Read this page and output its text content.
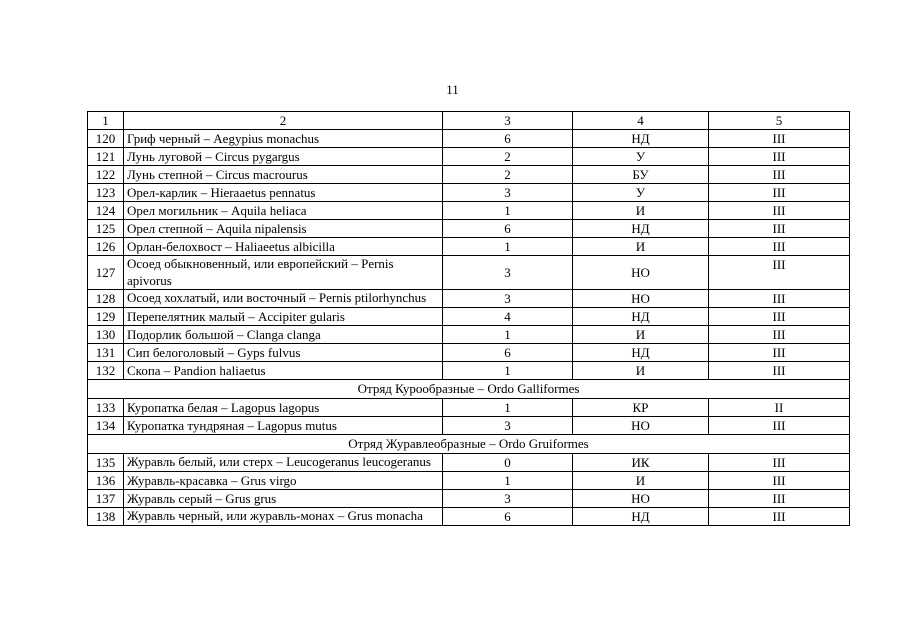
11
1	2	3	4	5
120	Гриф черный – Aegypius monachus	6	НД	III
121	Лунь луговой – Circus pygargus	2	У	III
122	Лунь степной – Circus macrourus	2	БУ	III
123	Орел-карлик – Hieraaetus pennatus	3	У	III
124	Орел могильник – Aquila heliaca	1	И	III
125	Орел степной – Aquila nipalensis	6	НД	III
126	Орлан-белохвост – Haliaeetus albicilla	1	И	III
127	Осоед обыкновенный, или европейский – Pernis apivorus	3	НО	III
128	Осоед хохлатый, или восточный – Pernis ptilorhynchus	3	НО	III
129	Перепелятник малый – Accipiter gularis	4	НД	III
130	Подорлик большой – Clanga clanga	1	И	III
131	Сип белоголовый – Gyps fulvus	6	НД	III
132	Скопа – Pandion haliaetus	1	И	III
Отряд Курообразные – Ordo Galliformes				
133	Куропатка белая – Lagopus lagopus	1	КР	II
134	Куропатка тундряная – Lagopus mutus	3	НО	III
Отряд Журавлеобразные – Ordo Gruiformes				
135	Журавль белый, или стерх – Leucogeranus leucogeranus	0	ИК	III
136	Журавль-красавка – Grus virgo	1	И	III
137	Журавль серый – Grus grus	3	НО	III
138	Журавль черный, или журавль-монах – Grus monacha	6	НД	III
